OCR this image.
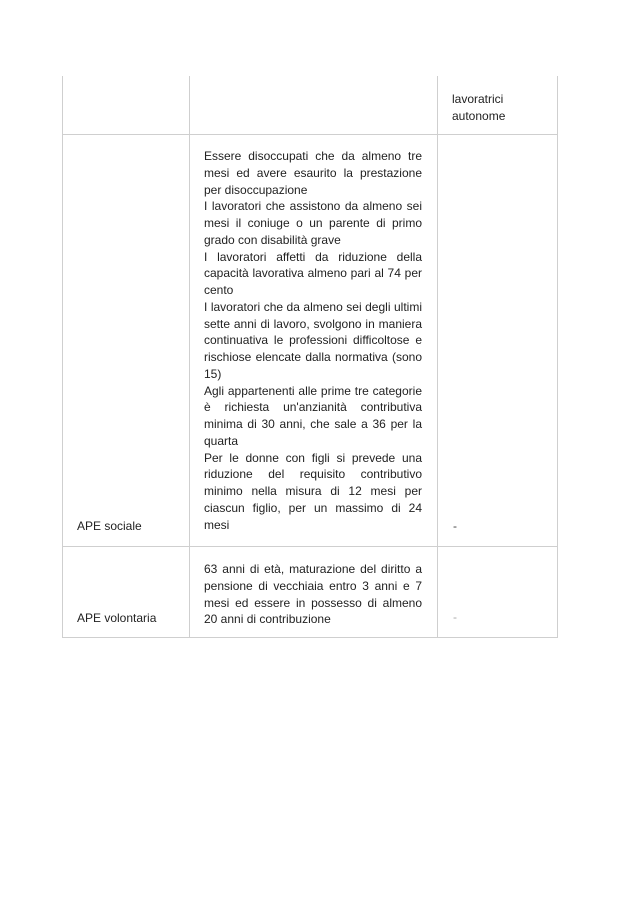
lavoratrici
autonome
APE sociale
Essere disoccupati che da almeno tre
mesi ed avere esaurito la prestazione
per disoccupazione
I lavoratori che assistono da almeno sei
mesi il coniuge o un parente di primo
grado con disabilità grave
I lavoratori affetti da riduzione della
capacità lavorativa almeno pari al 74 per
cento
I lavoratori che da almeno sei degli ultimi
sette anni di lavoro, svolgono in maniera
continuativa le professioni difficoltose e
rischiose elencate dalla normativa (sono
15)
Agli appartenenti alle prime tre categorie
è richiesta un'anzianità contributiva
minima di 30 anni, che sale a 36 per la
quarta
Per le donne con figli si prevede una
riduzione del requisito contributivo
minimo nella misura di 12 mesi per
ciascun figlio, per un massimo di 24
mesi	-
APE volontaria
63 anni di età, maturazione del diritto a
pensione di vecchiaia entro 3 anni e 7
mesi ed essere in possesso di almeno
20 anni di contribuzione	-
